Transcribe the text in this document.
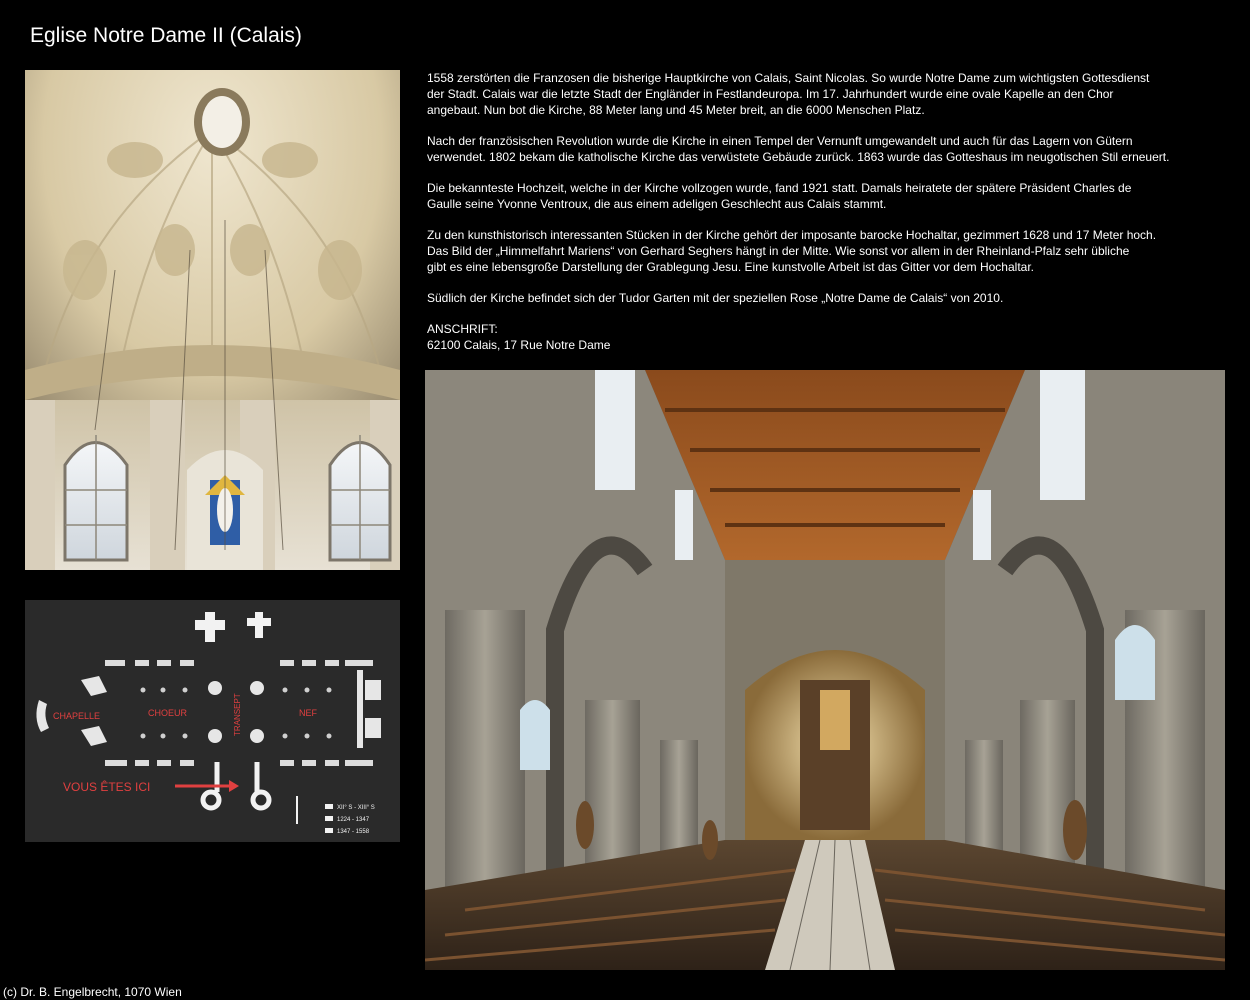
Eglise Notre Dame II (Calais)
CHAPELLE	CHOEUR	TRANSEPT	NEF
VOUS ÊTES ICI
XII° S - XIII° S
1224 - 1347
1347 - 1558

1558 zerstörten die Franzosen die bisherige Hauptkirche von Calais, Saint Nicolas. So wurde Notre Dame zum wichtigsten Gottesdienst
der Stadt. Calais war die letzte Stadt der Engländer in Festlandeuropa. Im 17. Jahrhundert wurde eine ovale Kapelle an den Chor
angebaut. Nun bot die Kirche, 88 Meter lang und 45 Meter breit, an die 6000 Menschen Platz.

Nach der französischen Revolution wurde die Kirche in einen Tempel der Vernunft umgewandelt und auch für das Lagern von Gütern
verwendet. 1802 bekam die katholische Kirche das verwüstete Gebäude zurück. 1863 wurde das Gotteshaus im neugotischen Stil erneuert.

Die bekannteste Hochzeit, welche in der Kirche vollzogen wurde, fand 1921 statt. Damals heiratete der spätere Präsident Charles de
Gaulle seine Yvonne Ventroux, die aus einem adeligen Geschlecht aus Calais stammt.

Zu den kunsthistorisch interessanten Stücken in der Kirche gehört der imposante barocke Hochaltar, gezimmert 1628 und 17 Meter hoch.
Das Bild der „Himmelfahrt Mariens“ von Gerhard Seghers hängt in der Mitte. Wie sonst vor allem in der Rheinland-Pfalz sehr übliche
gibt es eine lebensgroße Darstellung der Grablegung Jesu. Eine kunstvolle Arbeit ist das Gitter vor dem Hochaltar.

Südlich der Kirche befindet sich der Tudor Garten mit der speziellen Rose „Notre Dame de Calais“ von 2010.

ANSCHRIFT:
62100 Calais, 17 Rue Notre Dame

(c) Dr. B. Engelbrecht, 1070 Wien
